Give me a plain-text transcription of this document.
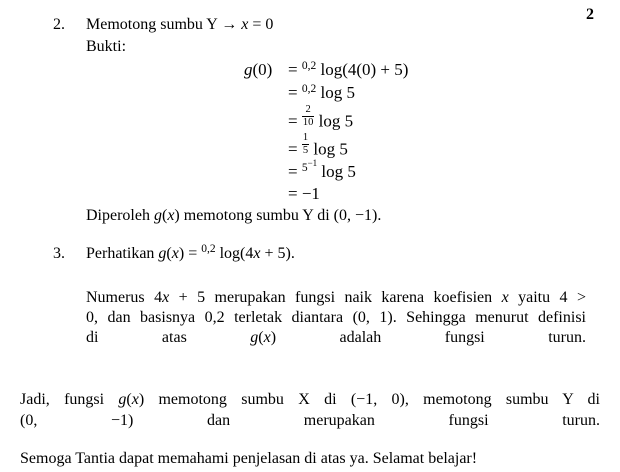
2
2.	Memotong sumbu Y → x = 0
Bukti:
g(0) = $^{0,2}$ log(4(0) + 5)
= $^{0,2}$ log 5
= $\frac{2}{10}$ log 5
= $\frac{1}{5}$ log 5
= $^{5^{-1}}$ log 5
= −1
Diperoleh g(x) memotong sumbu Y di (0, −1).
3.	Perhatikan g(x) = $^{0,2}$ log(4x + 5).
Numerus 4x + 5 merupakan fungsi naik karena koefisien x yaitu 4 >
0, dan basisnya 0,2 terletak diantara (0, 1). Sehingga menurut definisi
di atas g(x) adalah fungsi turun.
Jadi, fungsi g(x) memotong sumbu X di (−1, 0), memotong sumbu Y di
(0, −1) dan merupakan fungsi turun.
Semoga Tantia dapat memahami penjelasan di atas ya. Selamat belajar!
